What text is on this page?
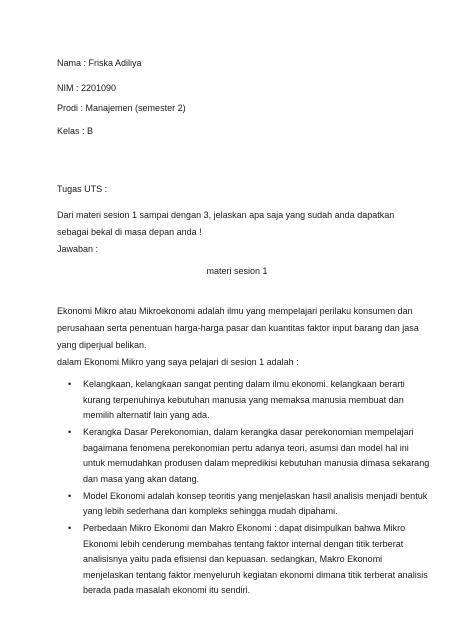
Nama : Friska Adiliya
NIM : 2201090
Prodi : Manajemen (semester 2)
Kelas : B
Tugas UTS :
Dari materi sesion 1 sampai dengan 3, jelaskan apa saja yang sudah anda dapatkan sebagai bekal di masa depan anda !
Jawaban :
materi sesion 1
Ekonomi Mikro atau Mikroekonomi adalah ilmu yang mempelajari perilaku konsumen dan perusahaan serta penentuan harga-harga pasar dan kuantitas faktor input barang dan jasa yang diperjual belikan.
dalam Ekonomi Mikro yang saya pelajari di sesion 1 adalah :
• Kelangkaan, kelangkaan sangat penting dalam ilmu ekonomi. kelangkaan berarti kurang terpenuhinya kebutuhan manusia yang memaksa manusia membuat dan memilih alternatif lain yang ada.
• Kerangka Dasar Perekonomian, dalam kerangka dasar perekonomian mempelajari bagaimana fenomena perekonomian pertu adanya teori, asumsi dan model hal ini untuk memudahkan produsen dalam mepredikisi kebutuhan manusia dimasa sekarang dan masa yang akan datang.
• Model Ekonomi adalah konsep teoritis yang menjelaskan hasil analisis menjadi bentuk yang lebih sederhana dan kompleks sehingga mudah dipahami.
• Perbedaan Mikro Ekonomi dan Makro Ekonomi : dapat disimpulkan bahwa Mikro Ekonomi lebih cenderung membahas tentang faktor internal dengan titik terberat analisisnya yaitu pada efisiensi dan kepuasan. sedangkan, Makro Ekonomi menjelaskan tentang faktor menyeluruh kegiatan ekonomi dimana titik terberat analisis berada pada masalah ekonomi itu sendiri.
